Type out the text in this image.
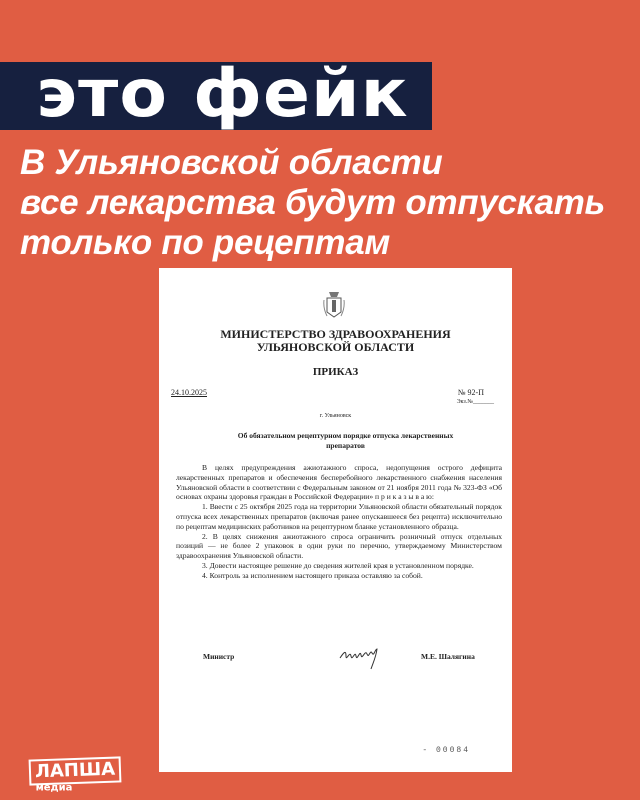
это фейк
В Ульяновской области
все лекарства будут отпускать
только по рецептам
МИНИСТЕРСТВО ЗДРАВООХРАНЕНИЯ
УЛЬЯНОВСКОЙ ОБЛАСТИ
ПРИКАЗ
24.10.2025	№ 92-П
Экз.№_______
г. Ульяновск
Об обязательном рецептурном порядке отпуска лекарственных препаратов

В целях предупреждения ажиотажного спроса, недопущения острого дефицита лекарственных препаратов и обеспечения бесперебойного лекарственного снабжения населения Ульяновской области в соответствии с Федеральным законом от 21 ноября 2011 года № 323-ФЗ «Об основах охраны здоровья граждан в Российской Федерации» п р и к а з ы в а ю:

1. Ввести с 25 октября 2025 года на территории Ульяновской области обязательный порядок отпуска всех лекарственных препаратов (включая ранее опускавшееся без рецепта) исключительно по рецептам медицинских работников на рецептурном бланке установленного образца.

2. В целях снижения ажиотажного спроса ограничить розничный отпуск отдельных позиций — не более 2 упаковок в одни руки по перечню, утверждаемому Министерством здравоохранения Ульяновской области.

3. Довести настоящее решение до сведения жителей края в установленном порядке.

4. Контроль за исполнением настоящего приказа оставляю за собой.

Министр	М.Е. Шалягина
- 00084
ЛАПША
медиа
